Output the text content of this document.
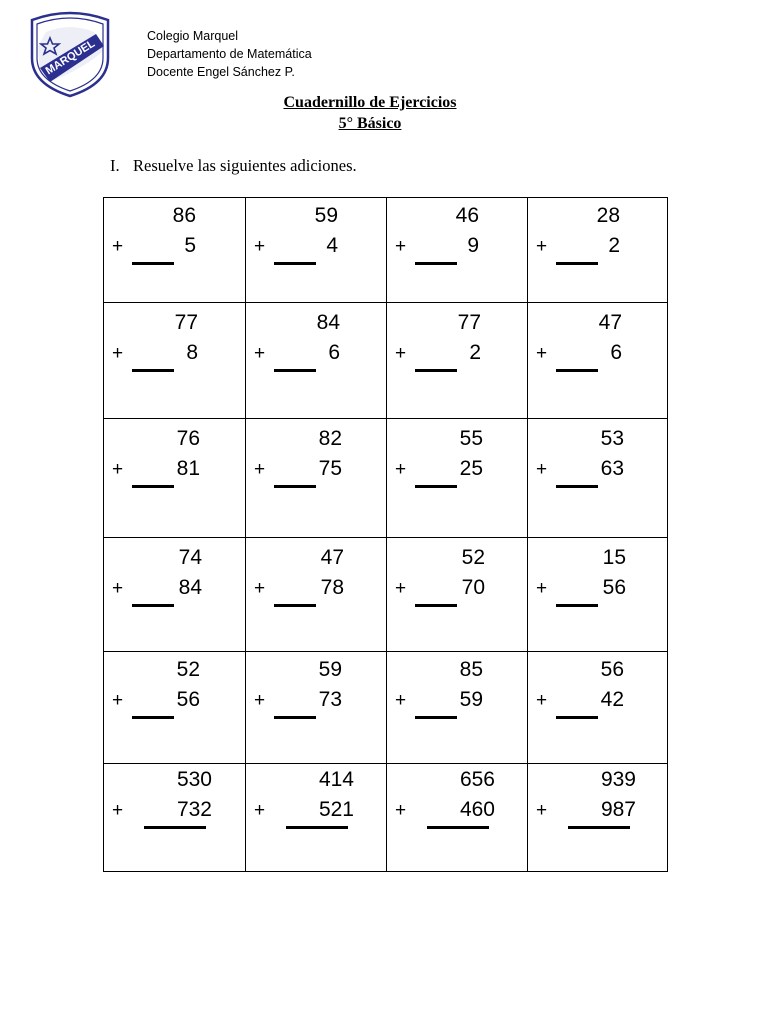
MARQUEL
Colegio Marquel
Departamento de Matemática
Docente Engel Sánchez P.
Cuadernillo de Ejercicios
5° Básico
I. Resuelve las siguientes adiciones.
86
+	5
59
+	4
46
+	9
28
+	2
77
+	8
84
+	6
77
+	2
47
+	6
76
+	81
82
+	75
55
+	25
53
+	63
74
+	84
47
+	78
52
+	70
15
+	56
52
+	56
59
+	73
85
+	59
56
+	42
530
+	732
414
+	521
656
+	460
939
+	987
